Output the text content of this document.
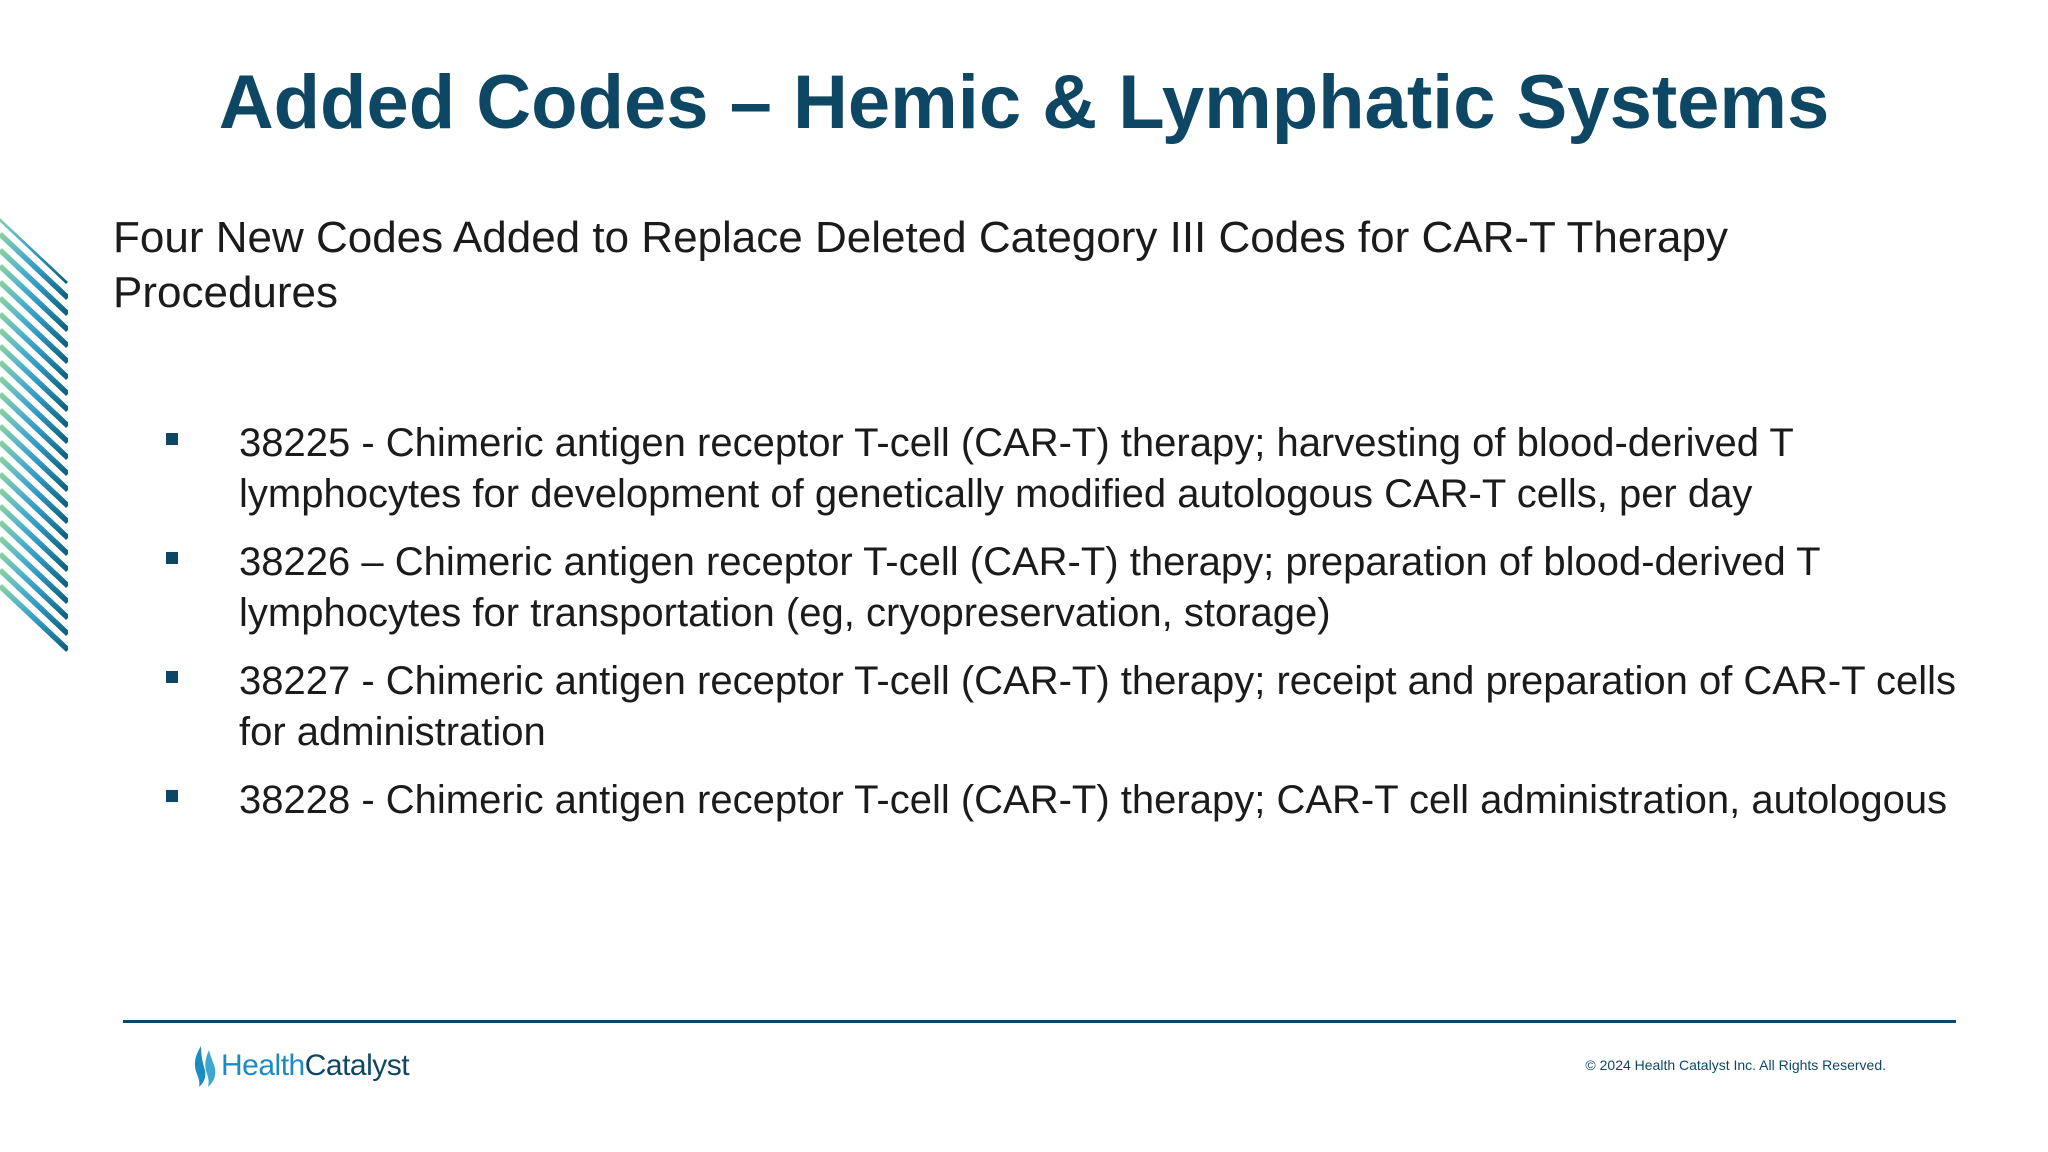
Added Codes – Hemic & Lymphatic Systems
Four New Codes Added to Replace Deleted Category III Codes for CAR-T Therapy Procedures
38225 - Chimeric antigen receptor T-cell (CAR-T) therapy; harvesting of blood-derived T lymphocytes for development of genetically modified autologous CAR-T cells, per day
38226 – Chimeric antigen receptor T-cell (CAR-T) therapy; preparation of blood-derived T lymphocytes for transportation (eg, cryopreservation, storage)
38227 - Chimeric antigen receptor T-cell (CAR-T) therapy; receipt and preparation of CAR-T cells for administration
38228 - Chimeric antigen receptor T-cell (CAR-T) therapy; CAR-T cell administration, autologous
HealthCatalyst	© 2024 Health Catalyst Inc. All Rights Reserved.
